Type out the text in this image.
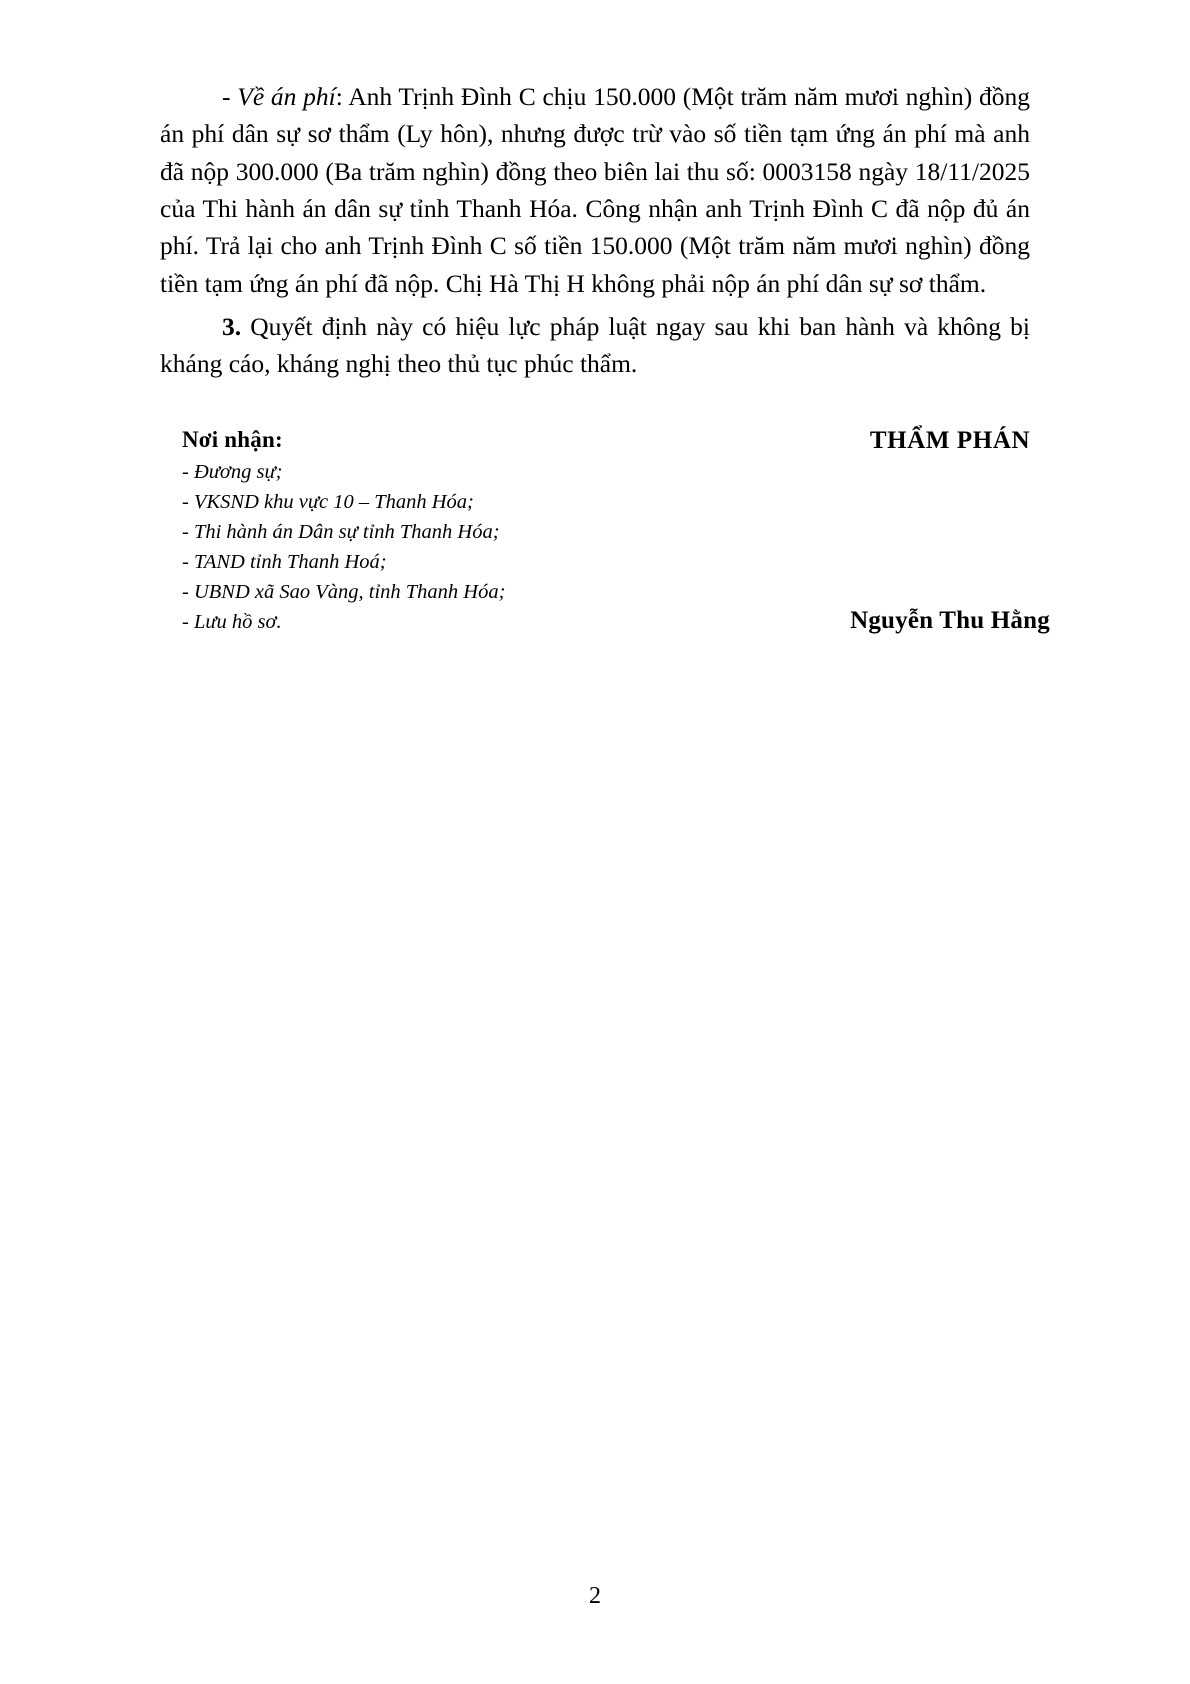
- Về án phí: Anh Trịnh Đình C chịu 150.000 (Một trăm năm mươi nghìn) đồng án phí dân sự sơ thẩm (Ly hôn), nhưng được trừ vào số tiền tạm ứng án phí mà anh đã nộp 300.000 (Ba trăm nghìn) đồng theo biên lai thu số: 0003158 ngày 18/11/2025 của Thi hành án dân sự tỉnh Thanh Hóa. Công nhận anh Trịnh Đình C đã nộp đủ án phí. Trả lại cho anh Trịnh Đình C số tiền 150.000 (Một trăm năm mươi nghìn) đồng tiền tạm ứng án phí đã nộp. Chị Hà Thị H không phải nộp án phí dân sự sơ thẩm.

3. Quyết định này có hiệu lực pháp luật ngay sau khi ban hành và không bị kháng cáo, kháng nghị theo thủ tục phúc thẩm.

Nơi nhận:
- Đương sự;
- VKSND khu vực 10 – Thanh Hóa;
- Thi hành án Dân sự tỉnh Thanh Hóa;
- TAND tỉnh Thanh Hoá;
- UBND xã Sao Vàng, tỉnh Thanh Hóa;
- Lưu hồ sơ.

THẨM PHÁN

Nguyễn Thu Hằng

2
